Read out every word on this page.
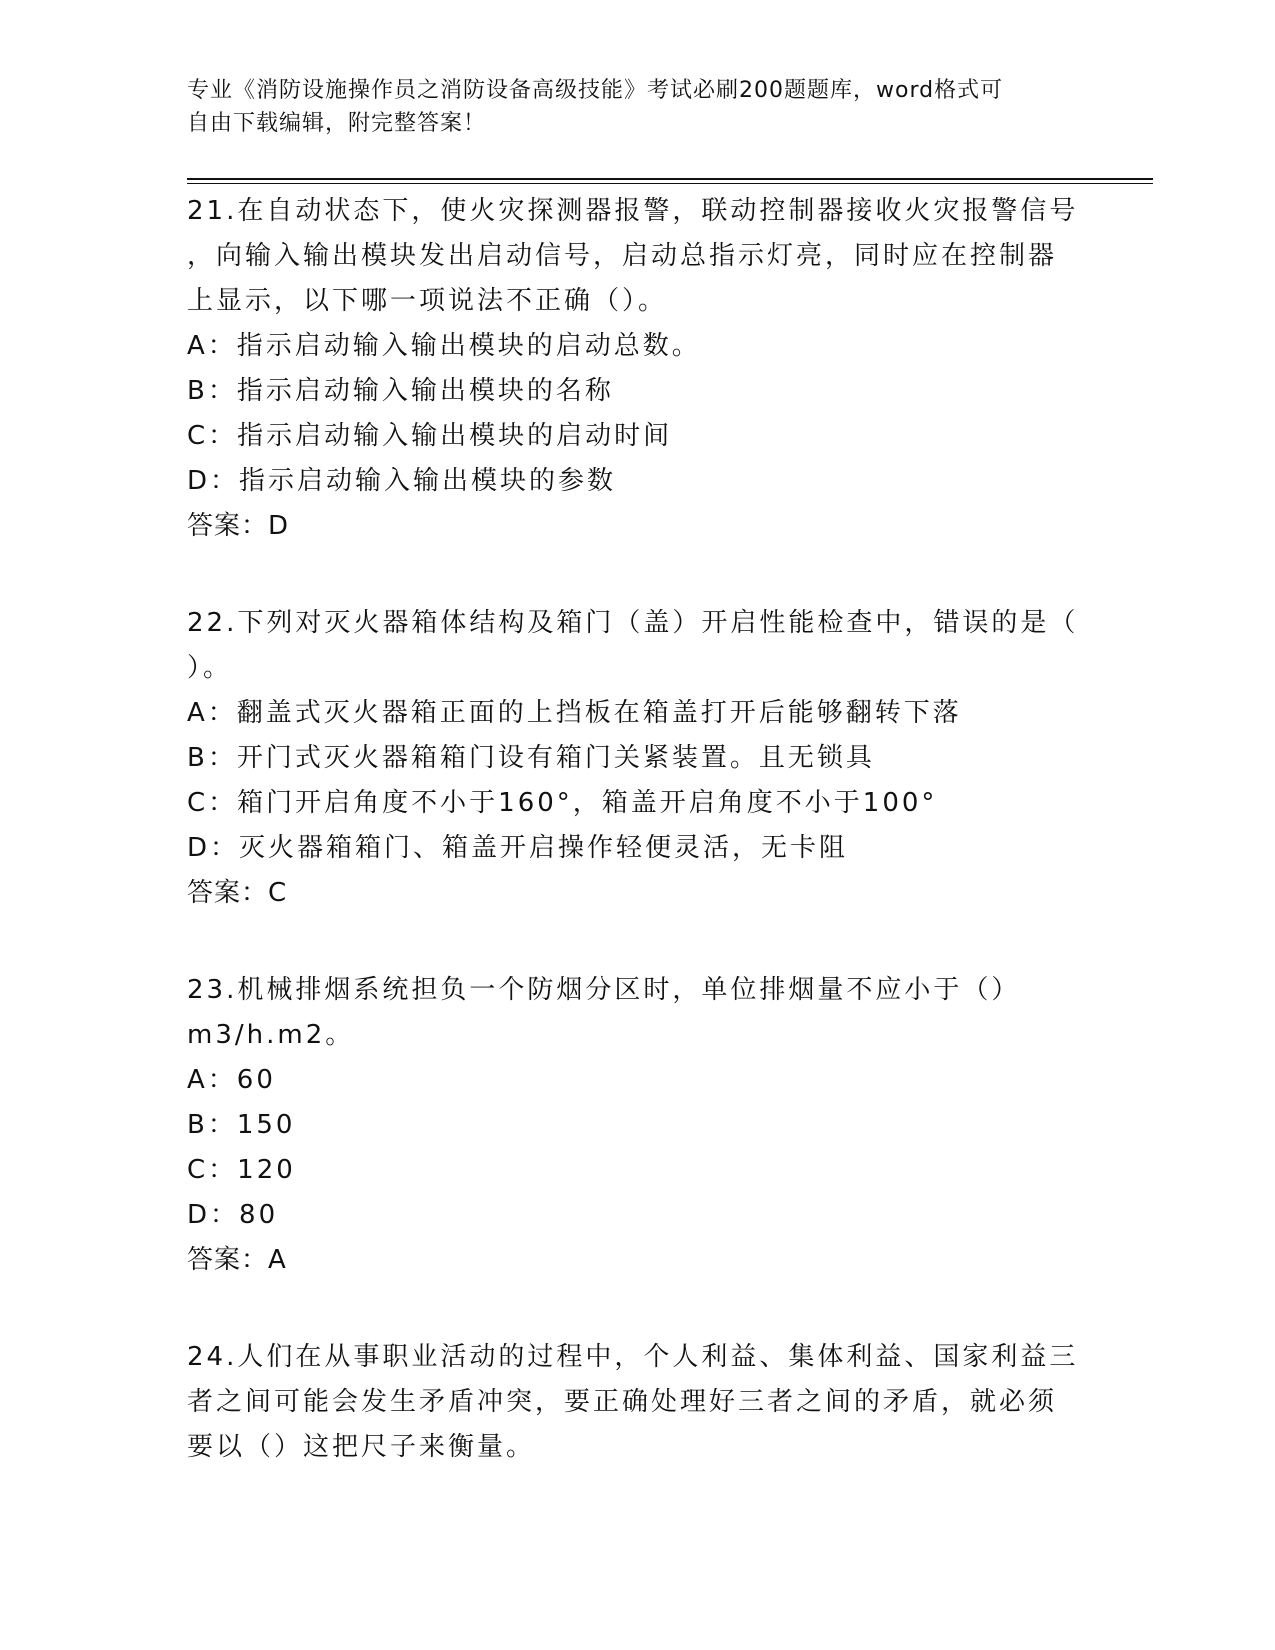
专业《消防设施操作员之消防设备高级技能》考试必刷200题题库，word格式可
自由下载编辑，附完整答案！

21.在自动状态下，使火灾探测器报警，联动控制器接收火灾报警信号

，向输入输出模块发出启动信号，启动总指示灯亮，同时应在控制器

上显示，以下哪一项说法不正确（）。

A：指示启动输入输出模块的启动总数。

B：指示启动输入输出模块的名称

C：指示启动输入输出模块的启动时间

D：指示启动输入输出模块的参数

答案：D

22.下列对灭火器箱体结构及箱门（盖）开启性能检查中，错误的是（

）。

A：翻盖式灭火器箱正面的上挡板在箱盖打开后能够翻转下落

B：开门式灭火器箱箱门设有箱门关紧装置。且无锁具

C：箱门开启角度不小于160°，箱盖开启角度不小于100°

D：灭火器箱箱门、箱盖开启操作轻便灵活，无卡阻

答案：C

23.机械排烟系统担负一个防烟分区时，单位排烟量不应小于（）

m3/h.m2。

A：60

B：150

C：120

D：80

答案：A

24.人们在从事职业活动的过程中，个人利益、集体利益、国家利益三

者之间可能会发生矛盾冲突，要正确处理好三者之间的矛盾，就必须

要以（）这把尺子来衡量。
